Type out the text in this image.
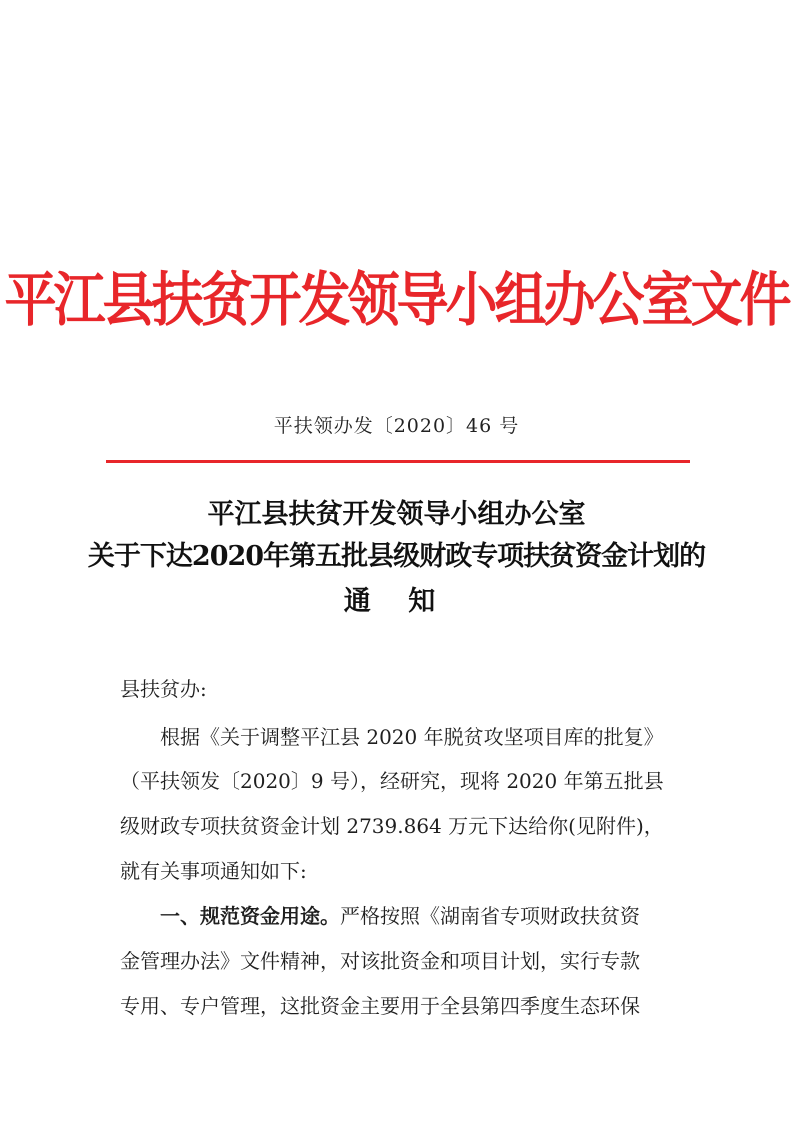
平江县扶贫开发领导小组办公室文件
平扶领办发〔2020〕46 号
平江县扶贫开发领导小组办公室
关于下达2020年第五批县级财政专项扶贫资金计划的
通 知
县扶贫办:
根据《关于调整平江县 2020 年脱贫攻坚项目库的批复》
（平扶领发〔2020〕9 号），经研究，现将 2020 年第五批县
级财政专项扶贫资金计划 2739.864 万元下达给你(见附件)，
就有关事项通知如下:
一、规范资金用途。严格按照《湖南省专项财政扶贫资
金管理办法》文件精神，对该批资金和项目计划，实行专款
专用、专户管理，这批资金主要用于全县第四季度生态环保
